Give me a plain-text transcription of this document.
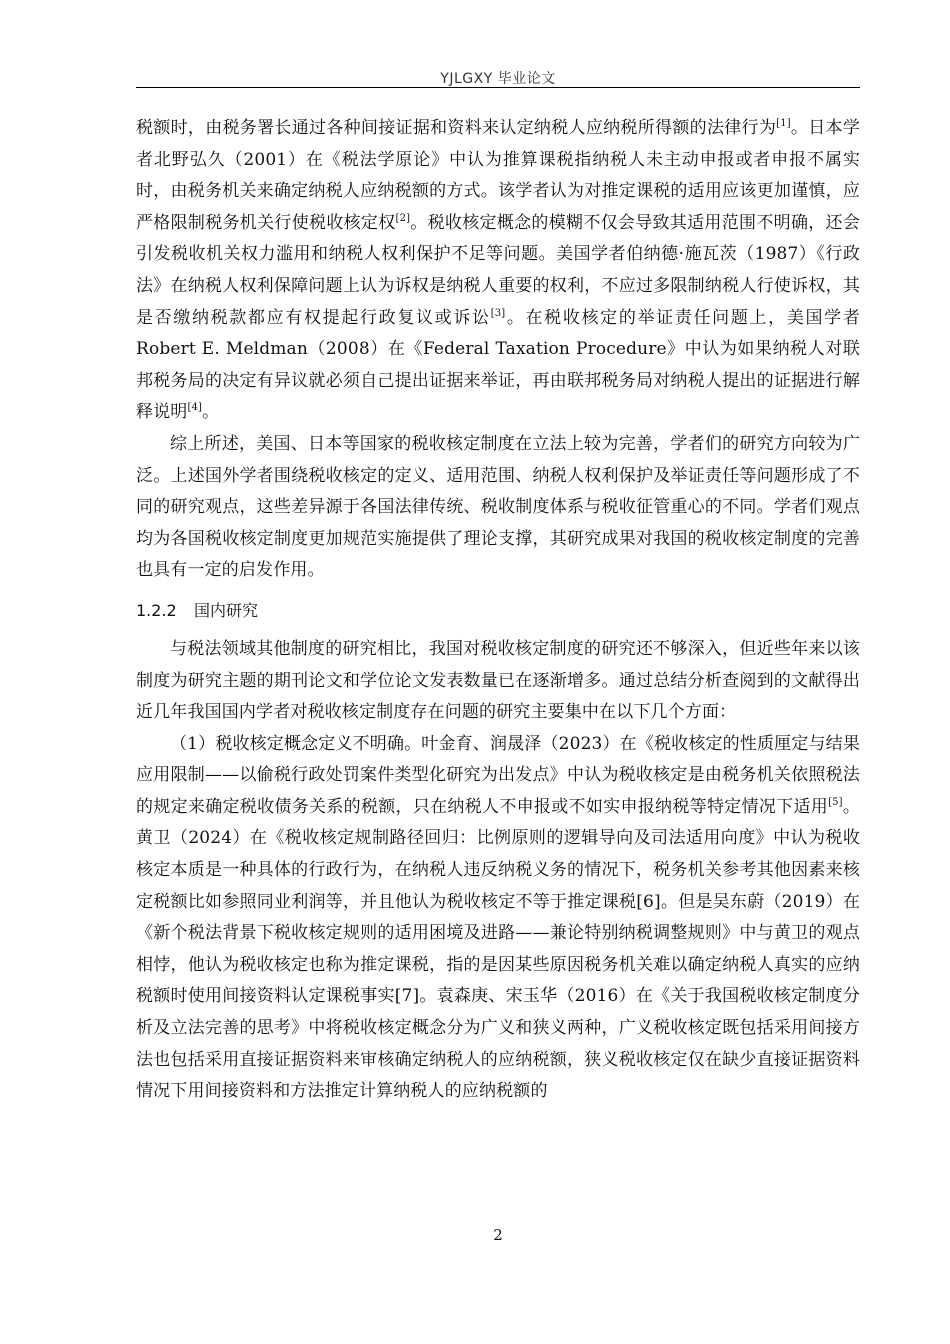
YJLGXY 毕业论文

税额时，由税务署长通过各种间接证据和资料来认定纳税人应纳税所得额的法律行为[1]。日本学者北野弘久（2001）在《税法学原论》中认为推算课税指纳税人未主动申报或者申报不属实时，由税务机关来确定纳税人应纳税额的方式。该学者认为对推定课税的适用应该更加谨慎，应严格限制税务机关行使税收核定权[2]。税收核定概念的模糊不仅会导致其适用范围不明确，还会引发税收机关权力滥用和纳税人权利保护不足等问题。美国学者伯纳德·施瓦茨（1987）《行政法》在纳税人权利保障问题上认为诉权是纳税人重要的权利，不应过多限制纳税人行使诉权，其是否缴纳税款都应有权提起行政复议或诉讼[3]。在税收核定的举证责任问题上，美国学者 Robert E. Meldman（2008）在《Federal Taxation Procedure》中认为如果纳税人对联邦税务局的决定有异议就必须自己提出证据来举证，再由联邦税务局对纳税人提出的证据进行解释说明[4]。

综上所述，美国、日本等国家的税收核定制度在立法上较为完善，学者们的研究方向较为广泛。上述国外学者围绕税收核定的定义、适用范围、纳税人权利保护及举证责任等问题形成了不同的研究观点，这些差异源于各国法律传统、税收制度体系与税收征管重心的不同。学者们观点均为各国税收核定制度更加规范实施提供了理论支撑，其研究成果对我国的税收核定制度的完善也具有一定的启发作用。

1.2.2 国内研究

与税法领域其他制度的研究相比，我国对税收核定制度的研究还不够深入，但近些年来以该制度为研究主题的期刊论文和学位论文发表数量已在逐渐增多。通过总结分析查阅到的文献得出近几年我国国内学者对税收核定制度存在问题的研究主要集中在以下几个方面：

（1）税收核定概念定义不明确。叶金育、润晟泽（2023）在《税收核定的性质厘定与结果应用限制——以偷税行政处罚案件类型化研究为出发点》中认为税收核定是由税务机关依照税法的规定来确定税收债务关系的税额，只在纳税人不申报或不如实申报纳税等特定情况下适用[5]。黄卫（2024）在《税收核定规制路径回归：比例原则的逻辑导向及司法适用向度》中认为税收核定本质是一种具体的行政行为，在纳税人违反纳税义务的情况下，税务机关参考其他因素来核定税额比如参照同业利润等，并且他认为税收核定不等于推定课税[6]。但是吴东蔚（2019）在《新个税法背景下税收核定规则的适用困境及进路——兼论特别纳税调整规则》中与黄卫的观点相悖，他认为税收核定也称为推定课税，指的是因某些原因税务机关难以确定纳税人真实的应纳税额时使用间接资料认定课税事实[7]。袁森庚、宋玉华（2016）在《关于我国税收核定制度分析及立法完善的思考》中将税收核定概念分为广义和狭义两种，广义税收核定既包括采用间接方法也包括采用直接证据资料来审核确定纳税人的应纳税额，狭义税收核定仅在缺少直接证据资料情况下用间接资料和方法推定计算纳税人的应纳税额的

2
